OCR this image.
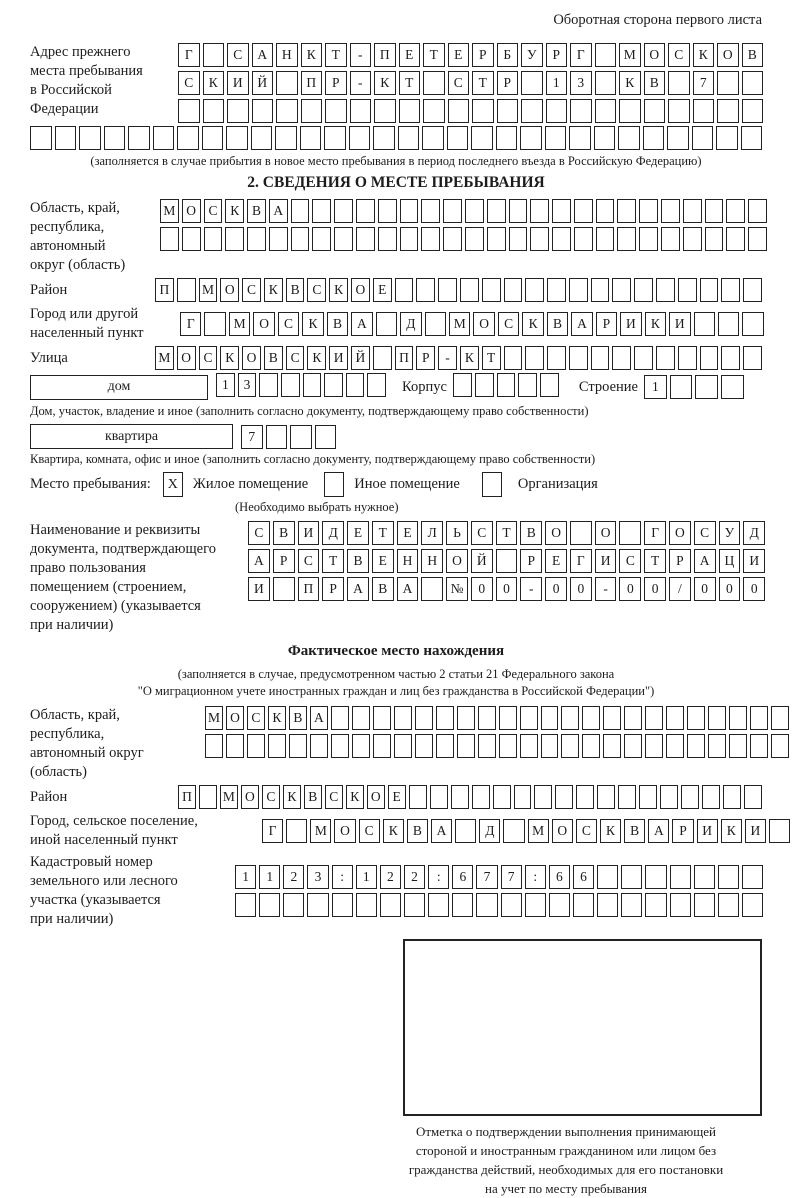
Оборотная сторона первого листа
Адрес прежнего
места пребывания
в Российской
Федерации
Г	С	А	Н	К	Т	-	П	Е	Т	Е	Р	Б	У	Р	Г	М	О	С	К	О	В
С	К	И	Й	П	Р	-	К	Т	С	Т	Р	1	3	К	В	7
(заполняется в случае прибытия в новое место пребывания в период последнего въезда в Российскую Федерацию)
2. СВЕДЕНИЯ О МЕСТЕ ПРЕБЫВАНИЯ
Область, край,
республика,
автономный
округ (область)
М О С К В А
Район	П	М О С К В С К О Е
Город или другой
населенный пункт
Г	М	О	С	К	В	А	Д	М	О	С	К	В	А	Р	И	К	И
Улица	М О С К О В С К И Й	П Р	-	К Т
дом	1	3	Корпус	Строение	1
Дом, участок, владение и иное (заполнить согласно документу, подтверждающему право собственности)
квартира	7
Квартира, комната, офис и иное (заполнить согласно документу, подтверждающему право собственности)
Место пребывания:	X	Жилое помещение	Иное помещение	Организация
(Необходимо выбрать нужное)
Наименование и реквизиты
документа, подтверждающего
право пользования
помещением (строением,
сооружением) (указывается
при наличии)
С	В	И	Д	Е	Т	Е	Л	Ь	С	Т	В	О	О	Г	О	С	У	Д
А	Р	С	Т	В	Е	Н	Н	О	Й	Р	Е	Г	И	С	Т	Р	А	Ц	И
И	П	Р	А	В	А	№	0	0	-	0	0	-	0	0	/	0	0	0
Фактическое место нахождения
(заполняется в случае, предусмотренном частью 2 статьи 21 Федерального закона
"О миграционном учете иностранных граждан и лиц без гражданства в Российской Федерации")
Область, край,
республика,
автономный округ
(область)
М О С К В А
Район	П	М О С К В С К О Е
Город, сельское поселение,
иной населенный пункт
Г	М О	С	К	В	А	Д	М О	С	К	В	А	Р	И	К	И
Кадастровый номер
земельного или лесного
участка (указывается
при наличии)
1	1	2	3	:	1	2	2	:	6	7	7	:	6	6
Отметка о подтверждении выполнения принимающей
стороной и иностранным гражданином или лицом без
гражданства действий, необходимых для его постановки
на учет по месту пребывания
